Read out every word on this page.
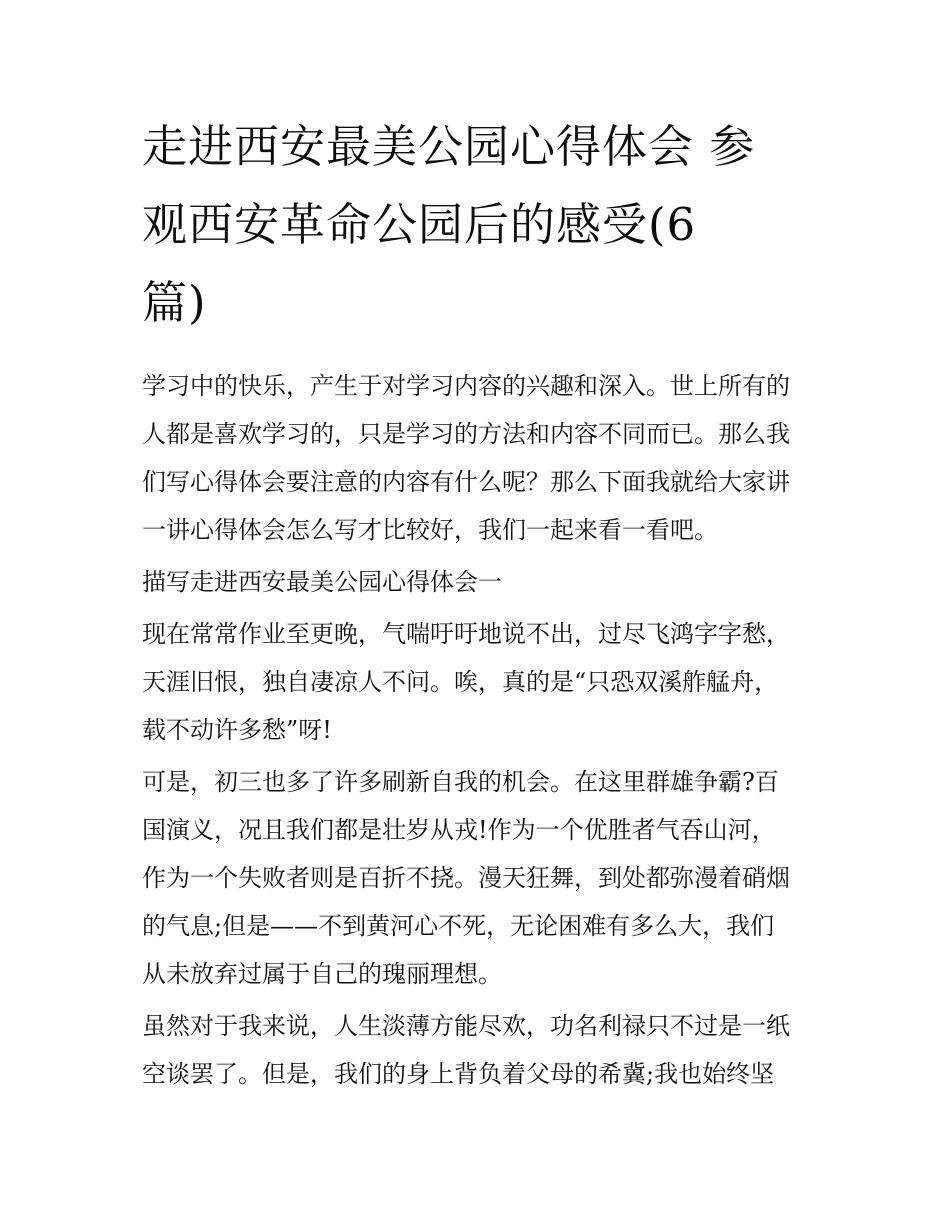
走进西安最美公园心得体会 参
观西安革命公园后的感受(6
篇)

学习中的快乐，产生于对学习内容的兴趣和深入。世上所有的
人都是喜欢学习的，只是学习的方法和内容不同而已。那么我
们写心得体会要注意的内容有什么呢？那么下面我就给大家讲
一讲心得体会怎么写才比较好，我们一起来看一看吧。

描写走进西安最美公园心得体会一

现在常常作业至更晚，气喘吁吁地说不出，过尽飞鸿字字愁，
天涯旧恨，独自凄凉人不问。唉，真的是“只恐双溪舴艋舟，
载不动许多愁”呀!

可是，初三也多了许多刷新自我的机会。在这里群雄争霸?百
国演义，况且我们都是壮岁从戎!作为一个优胜者气吞山河，
作为一个失败者则是百折不挠。漫天狂舞，到处都弥漫着硝烟
的气息;但是——不到黄河心不死，无论困难有多么大，我们
从未放弃过属于自己的瑰丽理想。

虽然对于我来说，人生淡薄方能尽欢，功名利禄只不过是一纸
空谈罢了。但是，我们的身上背负着父母的希冀;我也始终坚
